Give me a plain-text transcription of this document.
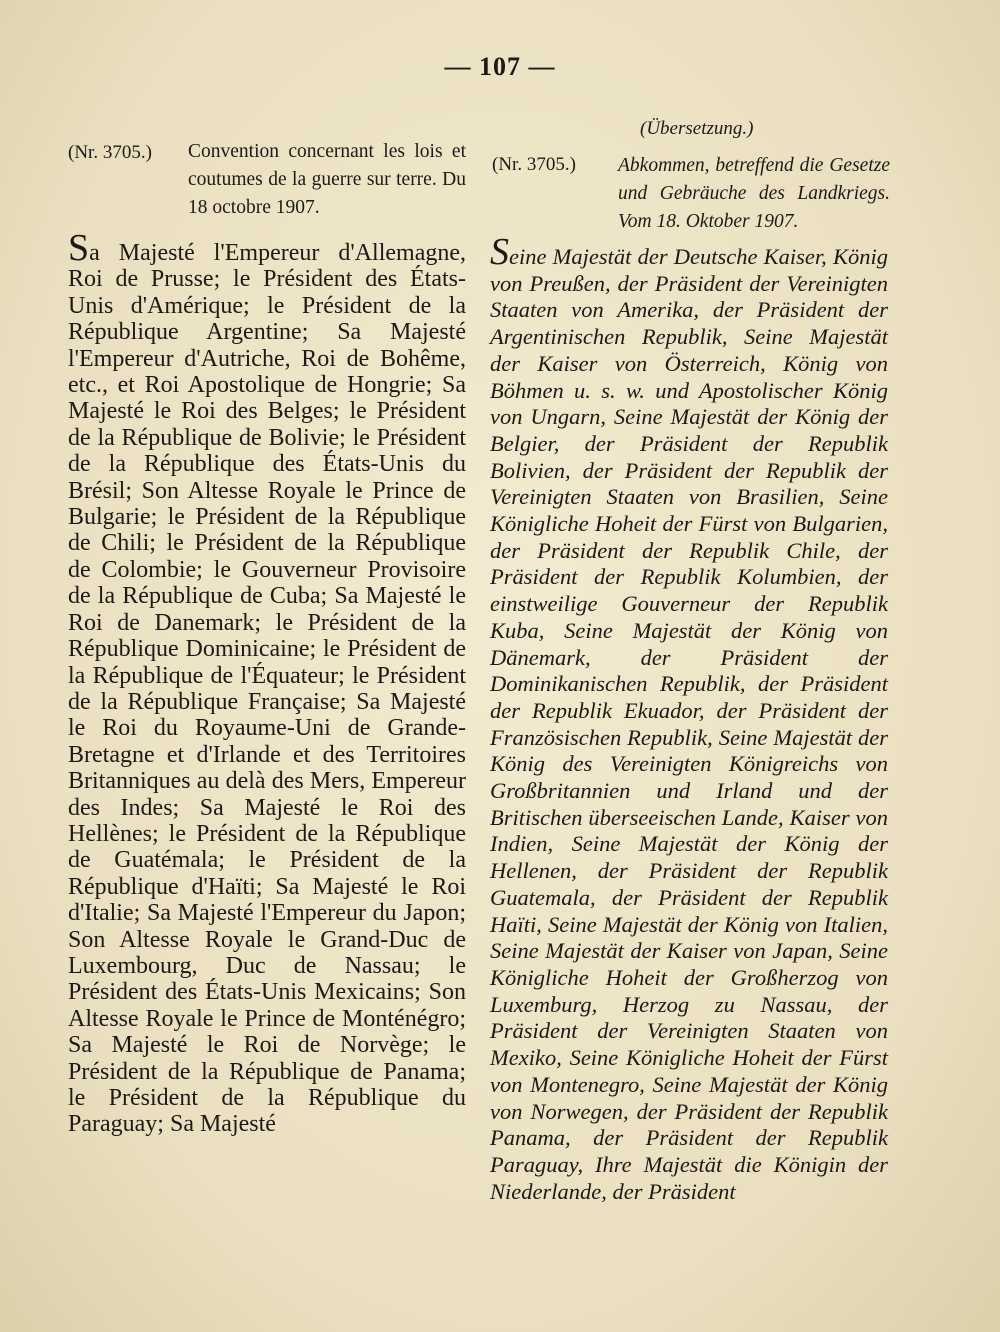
— 107 —
(Nr. 3705.) Convention concernant les lois et coutumes de la guerre sur terre. Du 18 octobre 1907.
Sa Majesté l'Empereur d'Allemagne, Roi de Prusse; le Président des États-Unis d'Amérique; le Président de la République Argentine; Sa Majesté l'Empereur d'Autriche, Roi de Bohême, etc., et Roi Apostolique de Hongrie; Sa Majesté le Roi des Belges; le Président de la République de Bolivie; le Président de la République des États-Unis du Brésil; Son Altesse Royale le Prince de Bulgarie; le Président de la République de Chili; le Président de la République de Colombie; le Gouverneur Provisoire de la République de Cuba; Sa Majesté le Roi de Danemark; le Président de la République Dominicaine; le Président de la République de l'Équateur; le Président de la République Française; Sa Majesté le Roi du Royaume-Uni de Grande-Bretagne et d'Irlande et des Territoires Britanniques au delà des Mers, Empereur des Indes; Sa Majesté le Roi des Hellènes; le Président de la République de Guatémala; le Président de la République d'Haïti; Sa Majesté le Roi d'Italie; Sa Majesté l'Empereur du Japon; Son Altesse Royale le Grand-Duc de Luxembourg, Duc de Nassau; le Président des États-Unis Mexicains; Son Altesse Royale le Prince de Monténégro; Sa Majesté le Roi de Norvège; le Président de la République de Panama; le Président de la République du Paraguay; Sa Majesté
(Übersetzung.)
(Nr. 3705.) Abkommen, betreffend die Gesetze und Gebräuche des Landkriegs. Vom 18. Oktober 1907.
Seine Majestät der Deutsche Kaiser, König von Preußen, der Präsident der Vereinigten Staaten von Amerika, der Präsident der Argentinischen Republik, Seine Majestät der Kaiser von Österreich, König von Böhmen u. s. w. und Apostolischer König von Ungarn, Seine Majestät der König der Belgier, der Präsident der Republik Bolivien, der Präsident der Republik der Vereinigten Staaten von Brasilien, Seine Königliche Hoheit der Fürst von Bulgarien, der Präsident der Republik Chile, der Präsident der Republik Kolumbien, der einstweilige Gouverneur der Republik Kuba, Seine Majestät der König von Dänemark, der Präsident der Dominikanischen Republik, der Präsident der Republik Ekuador, der Präsident der Französischen Republik, Seine Majestät der König des Vereinigten Königreichs von Großbritannien und Irland und der Britischen überseeischen Lande, Kaiser von Indien, Seine Majestät der König der Hellenen, der Präsident der Republik Guatemala, der Präsident der Republik Haïti, Seine Majestät der König von Italien, Seine Majestät der Kaiser von Japan, Seine Königliche Hoheit der Großherzog von Luxemburg, Herzog zu Nassau, der Präsident der Vereinigten Staaten von Mexiko, Seine Königliche Hoheit der Fürst von Montenegro, Seine Majestät der König von Norwegen, der Präsident der Republik Panama, der Präsident der Republik Paraguay, Ihre Majestät die Königin der Niederlande, der Präsident
